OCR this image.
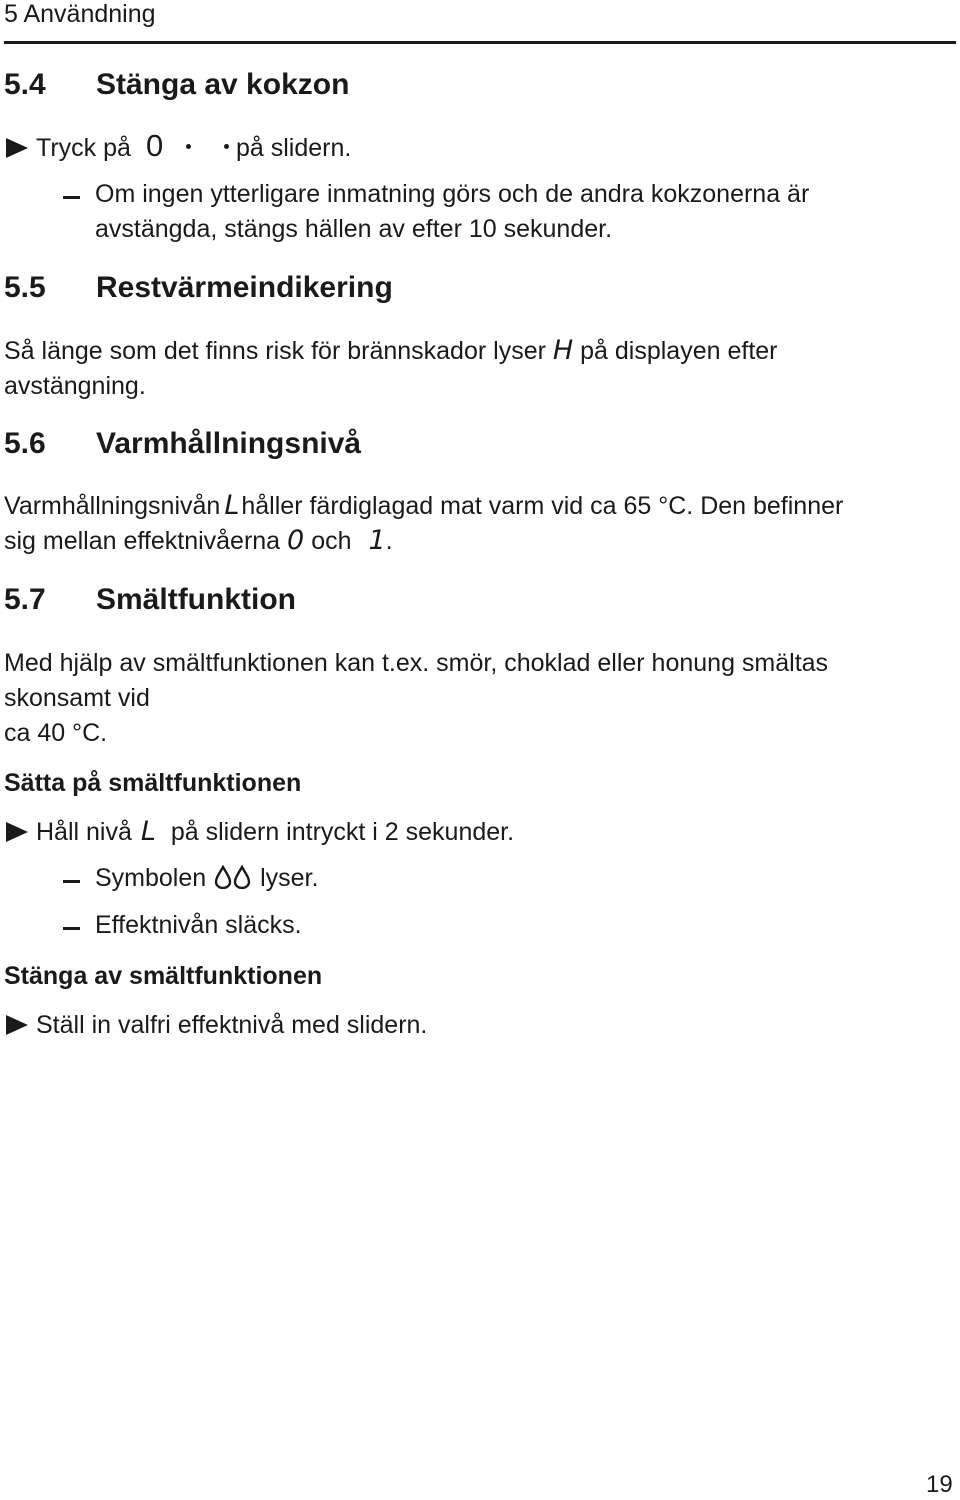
5 Användning
5.4 Stänga av kokzon
Tryck på 0	på slidern.
Om ingen ytterligare inmatning görs och de andra kokzonerna är
avstängda, stängs hällen av efter 10 sekunder.
5.5 Restvärmeindikering
Så länge som det finns risk för brännskador lyser H på displayen efter
avstängning.
5.6 Varmhållningsnivå
Varmhållningsnivån Lhåller färdiglagad mat varm vid ca 65 °C. Den befinner
sig mellan effektnivåerna 0 och 1.
5.7 Smältfunktion
Med hjälp av smältfunktionen kan t.ex. smör, choklad eller honung smältas
skonsamt vid
ca 40 °C.
Sätta på smältfunktionen
Håll nivå L på slidern intryckt i 2 sekunder.
Symbolen lyser.
Effektnivån släcks.
Stänga av smältfunktionen
Ställ in valfri effektnivå med slidern.
19
